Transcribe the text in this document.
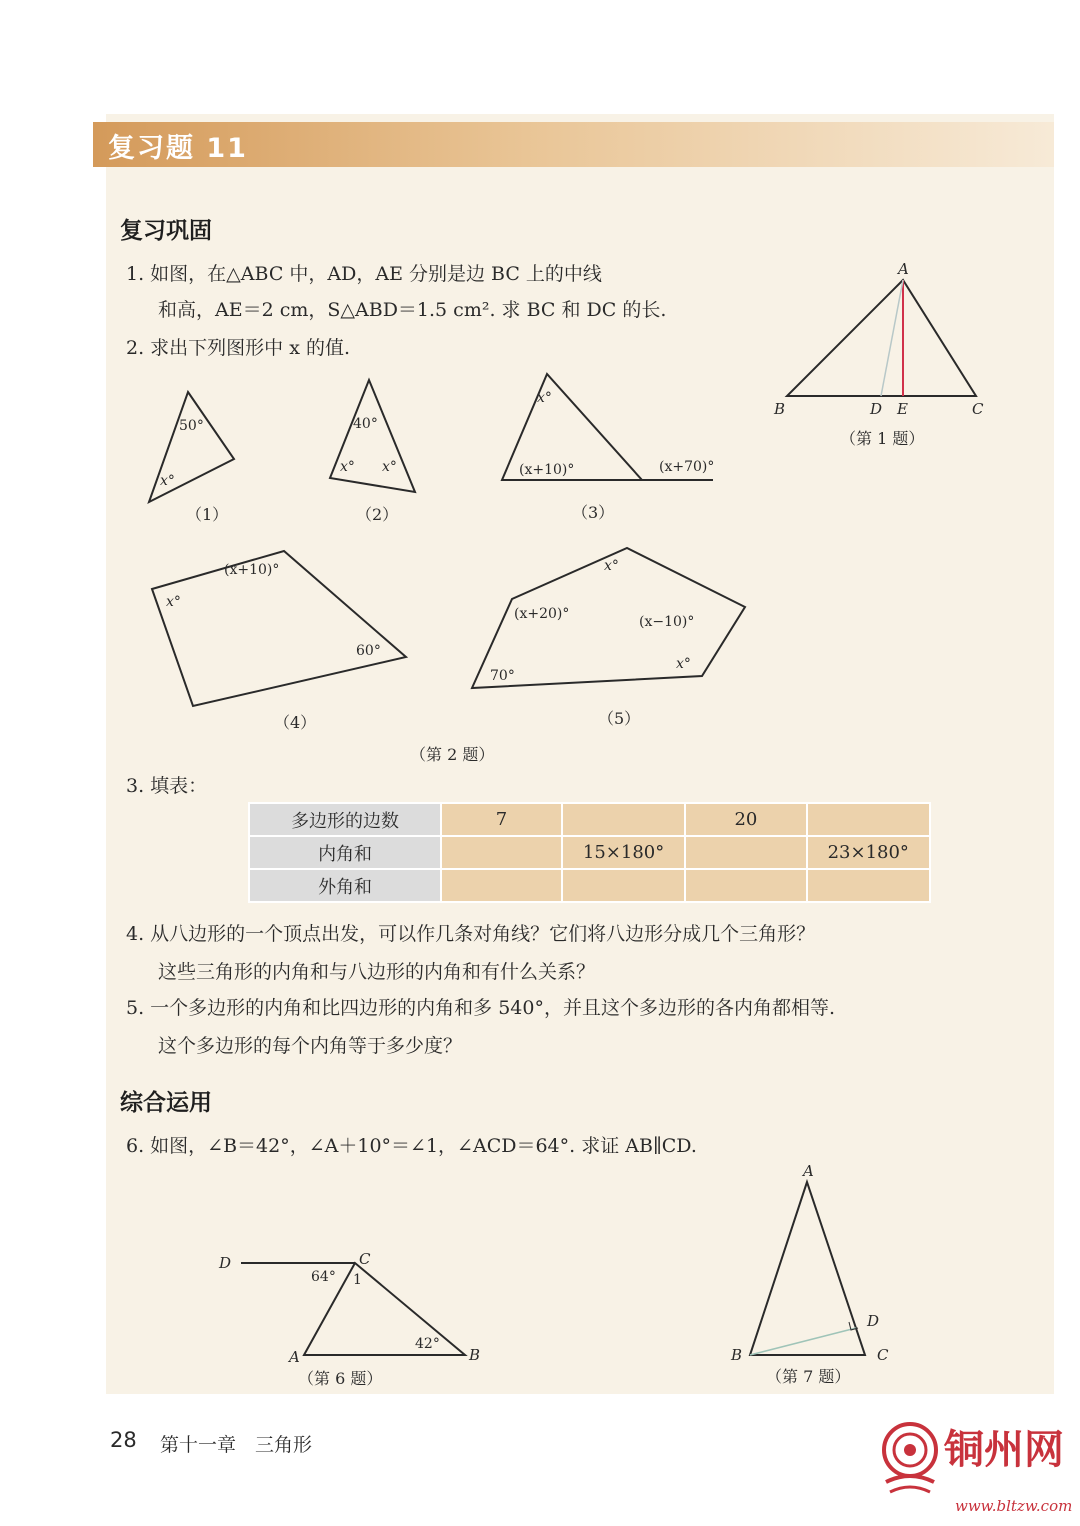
复习题 11
复习巩固
1. 如图，在△ABC 中，AD，AE 分别是边 BC 上的中线
和高，AE＝2 cm，S△ABD＝1.5 cm². 求 BC 和 DC 的长.
A
B	D E	C
（第 1 题）
2. 求出下列图形中 x 的值.
50°
x°
（1）
40°
x° x°
（2）
x°
(x+10)°	(x+70)°
（3）
x°
(x+10)°
60°
（4）
x°
(x+20)°	(x−10)°
70°
x°
（5）
（第 2 题）
3. 填表：
多边形的边数	7		20	
内角和		15×180°		23×180°
外角和				
4. 从八边形的一个顶点出发，可以作几条对角线？它们将八边形分成几个三角形？
这些三角形的内角和与八边形的内角和有什么关系？
5. 一个多边形的内角和比四边形的内角和多 540°，并且这个多边形的各内角都相等.
这个多边形的每个内角等于多少度？
综合运用
6. 如图，∠B＝42°，∠A＋10°＝∠1，∠ACD＝64°. 求证 AB∥CD.
D	C
A	B
64° 1
42°
（第 6 题）
A
B
D
C
（第 7 题）
28 第十一章　三角形	铜州网
www.bltzw.com
